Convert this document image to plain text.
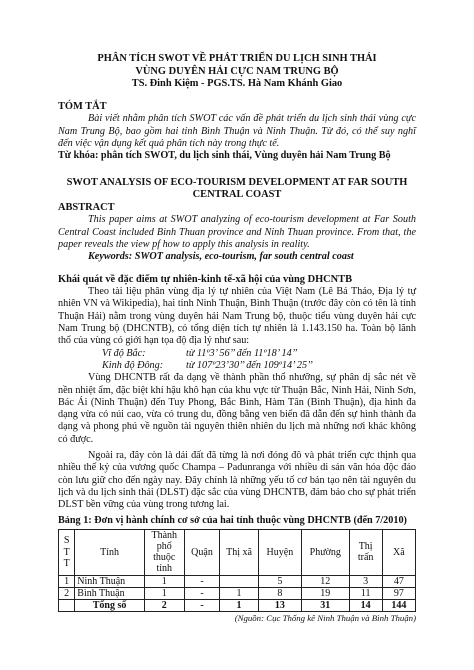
PHÂN TÍCH SWOT VỀ PHÁT TRIỂN DU LỊCH SINH THÁI
VÙNG DUYÊN HẢI CỰC NAM TRUNG BỘ
TS. Đinh Kiệm - PGS.TS. Hà Nam Khánh Giao
TÓM TẮT

Bài viết nhằm phân tích SWOT các vấn đề phát triển du lịch sinh thái vùng cực Nam Trung Bộ, bao gồm hai tỉnh Bình Thuận và Ninh Thuận. Từ đó, có thể suy nghĩ đến việc vận dụng kết quả phân tích này trong thực tế.

Từ khóa: phân tích SWOT, du lịch sinh thái, Vùng duyên hải Nam Trung Bộ

SWOT ANALYSIS OF ECO-TOURISM DEVELOPMENT AT FAR SOUTH
CENTRAL COAST
ABSTRACT

This paper aims at SWOT analyzing of eco-tourism development at Far South Central Coast included Binh Thuan province and Ninh Thuan province. From that, the paper reveals the view pf how to apply this analysis in reality.

Keywords: SWOT analysis, eco-tourism, far south central coast

Khái quát về đặc điểm tự nhiên-kinh tế-xã hội của vùng DHCNTB

Theo tài liệu phân vùng địa lý tự nhiên của Việt Nam (Lê Bá Thảo, Địa lý tự nhiên VN và Wikipedia), hai tỉnh Ninh Thuận, Bình Thuận (trước đây còn có tên là tỉnh Thuận Hải) nằm trong vùng duyên hải Nam Trung bộ, thuộc tiểu vùng duyên hải cực Nam Trung bộ (DHCNTB), có tổng diện tích tự nhiên là 1.143.150 ha. Toàn bộ lãnh thổ của vùng có giới hạn tọa độ địa lý như sau:

Vĩ độ Bắc:	từ 11º3’ 56’’ đến 11º18’ 14’’
Kinh độ Đông: từ 107º23’30’’ đến 109º14’ 25’’

Vùng DHCNTB rất đa dạng về thành phần thổ nhưỡng, sự phân dị sắc nét về nền nhiệt ẩm, đặc biệt khí hậu khô hạn của khu vực từ Thuận Bắc, Ninh Hải, Ninh Sơn, Bác Ái (Ninh Thuận) đến Tuy Phong, Bắc Bình, Hàm Tân (Bình Thuận), địa hình đa dạng vừa có núi cao, vừa có trung du, đồng bằng ven biển đã dẫn đến sự hình thành đa dạng và phong phú về nguồn tài nguyên thiên nhiên du lịch mà những nơi khác không có được.

Ngoài ra, đây còn là dải đất đã từng là nơi đóng đô và phát triển cực thịnh qua nhiều thế kỷ của vương quốc Champa – Padunranga với nhiều di sản văn hóa độc đáo còn lưu giữ cho đến ngày nay. Đây chính là những yếu tố cơ bản tạo nên tài nguyên du lịch và du lịch sinh thái (DLST) đặc sắc của vùng DHCNTB, đảm bảo cho sự phát triển DLST bền vững của vùng trong tương lai.

Bảng 1: Đơn vị hành chính cơ sở của hai tỉnh thuộc vùng DHCNTB (đến 7/2010)
S T T	Tỉnh	Thành phố thuộc tỉnh	Quận	Thị xã	Huyện	Phường	Thị trấn	Xã
1	Ninh Thuận	1	-		5	12	3	47
2	Bình Thuận	1	-	1	8	19	11	97
	Tổng số	2	-	1	13	31	14	144
(Nguồn: Cục Thống kê Ninh Thuận và Bình Thuận)
